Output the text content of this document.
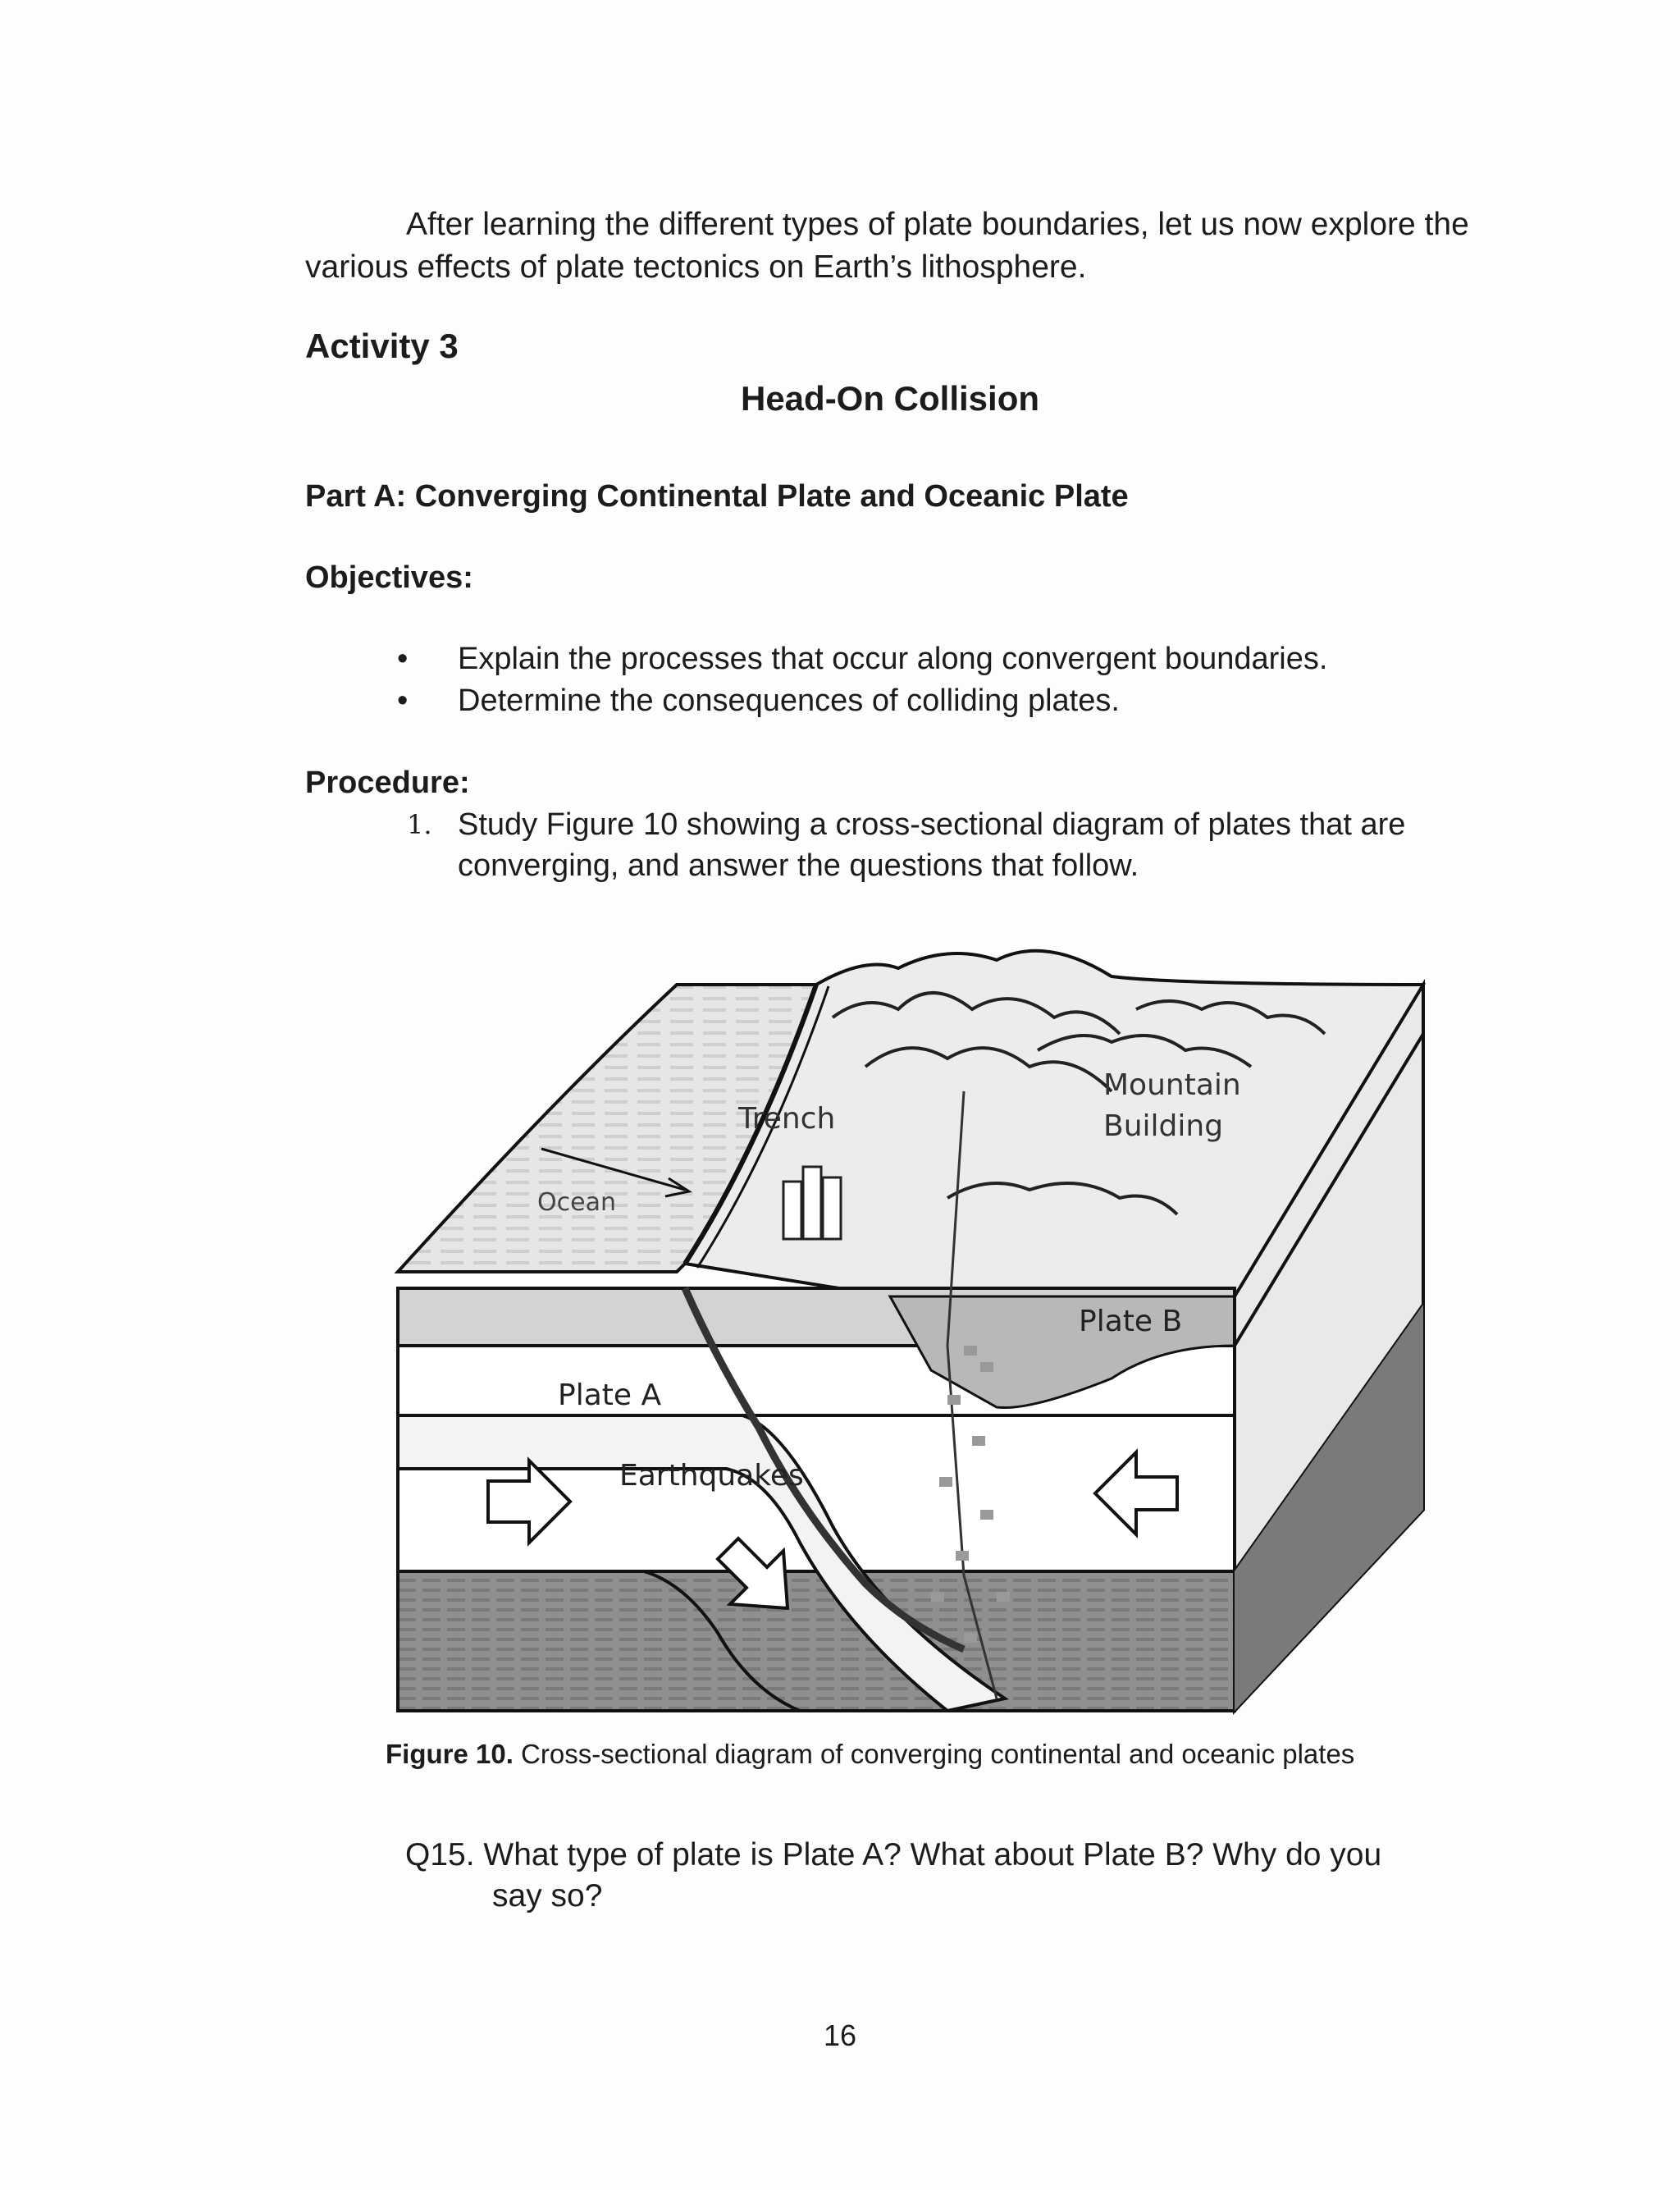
After learning the different types of plate boundaries, let us now explore the various effects of plate tectonics on Earth’s lithosphere.
Activity 3
Head-On Collision
Part A: Converging Continental Plate and Oceanic Plate
Objectives:
• Explain the processes that occur along convergent boundaries.
• Determine the consequences of colliding plates.
Procedure:
1. Study Figure 10 showing a cross-sectional diagram of plates that are converging, and answer the questions that follow.
Ocean
Trench
Mountain
Building
Plate A
Plate B
Earthquakes
Figure 10. Cross-sectional diagram of converging continental and oceanic plates
Q15. What type of plate is Plate A? What about Plate B? Why do you
say so?
16
